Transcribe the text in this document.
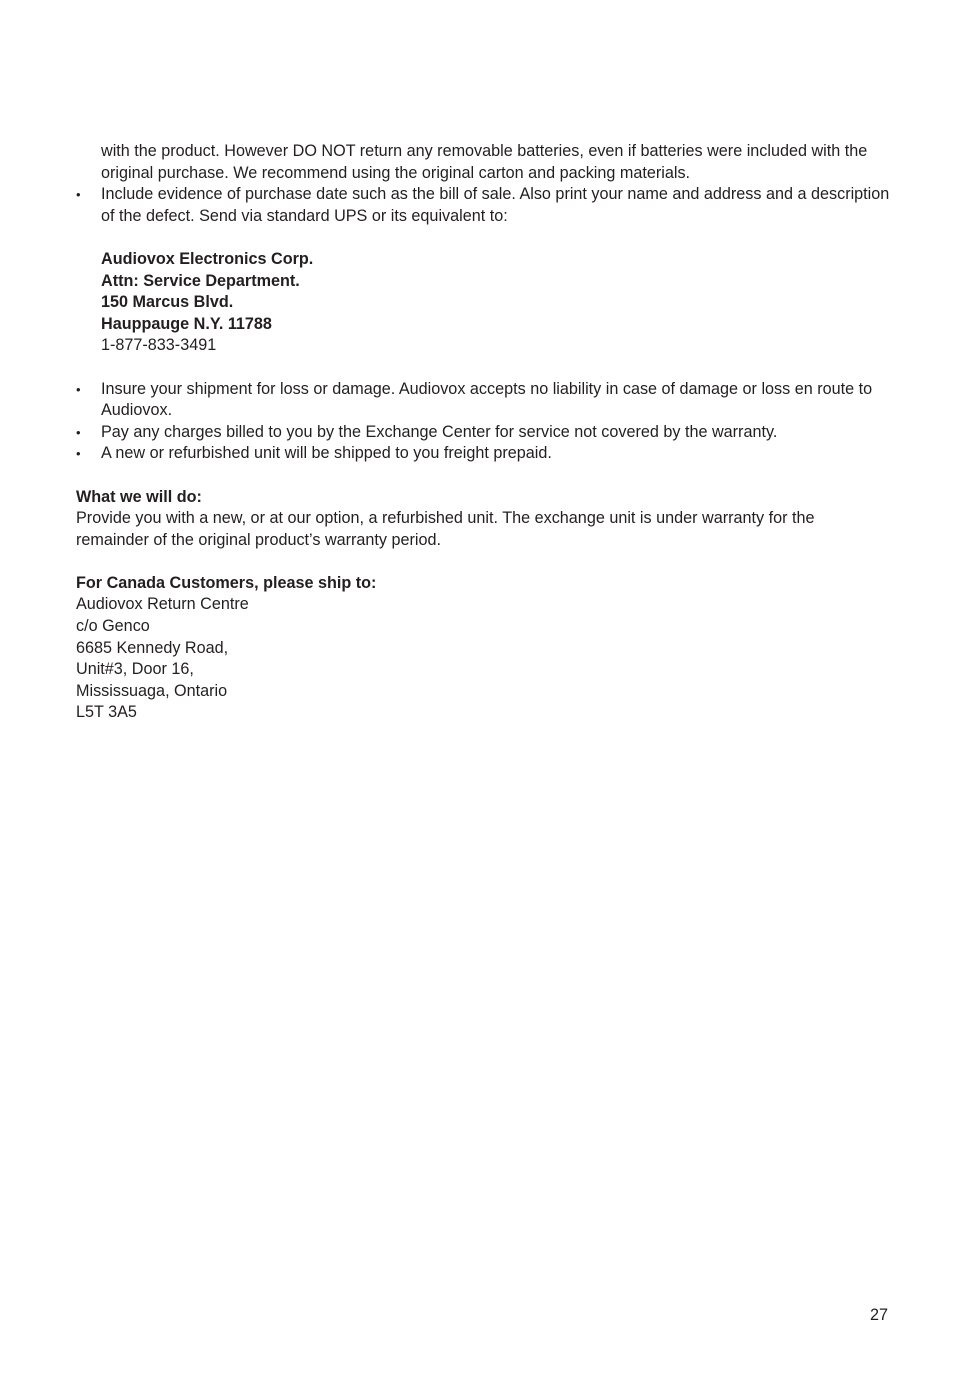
with the product. However DO NOT return any removable batteries, even if batteries were included with the original purchase. We recommend using the original carton and packing materials.
•	Include evidence of purchase date such as the bill of sale. Also print your name and address and a description of the defect. Send via standard UPS or its equivalent to:
Audiovox Electronics Corp.
Attn: Service Department.
150 Marcus Blvd.
Hauppauge N.Y. 11788
1-877-833-3491
•	Insure your shipment for loss or damage. Audiovox accepts no liability in case of damage or loss en route to Audiovox.
•	Pay any charges billed to you by the Exchange Center for service not covered by the warranty.
•	A new or refurbished unit will be shipped to you freight prepaid.
What we will do:
Provide you with a new, or at our option, a refurbished unit. The exchange unit is under warranty for the remainder of the original product’s warranty period.
For Canada Customers, please ship to:
Audiovox Return Centre
c/o Genco
6685 Kennedy Road,
Unit#3, Door 16,
Mississuaga, Ontario
L5T 3A5
27
